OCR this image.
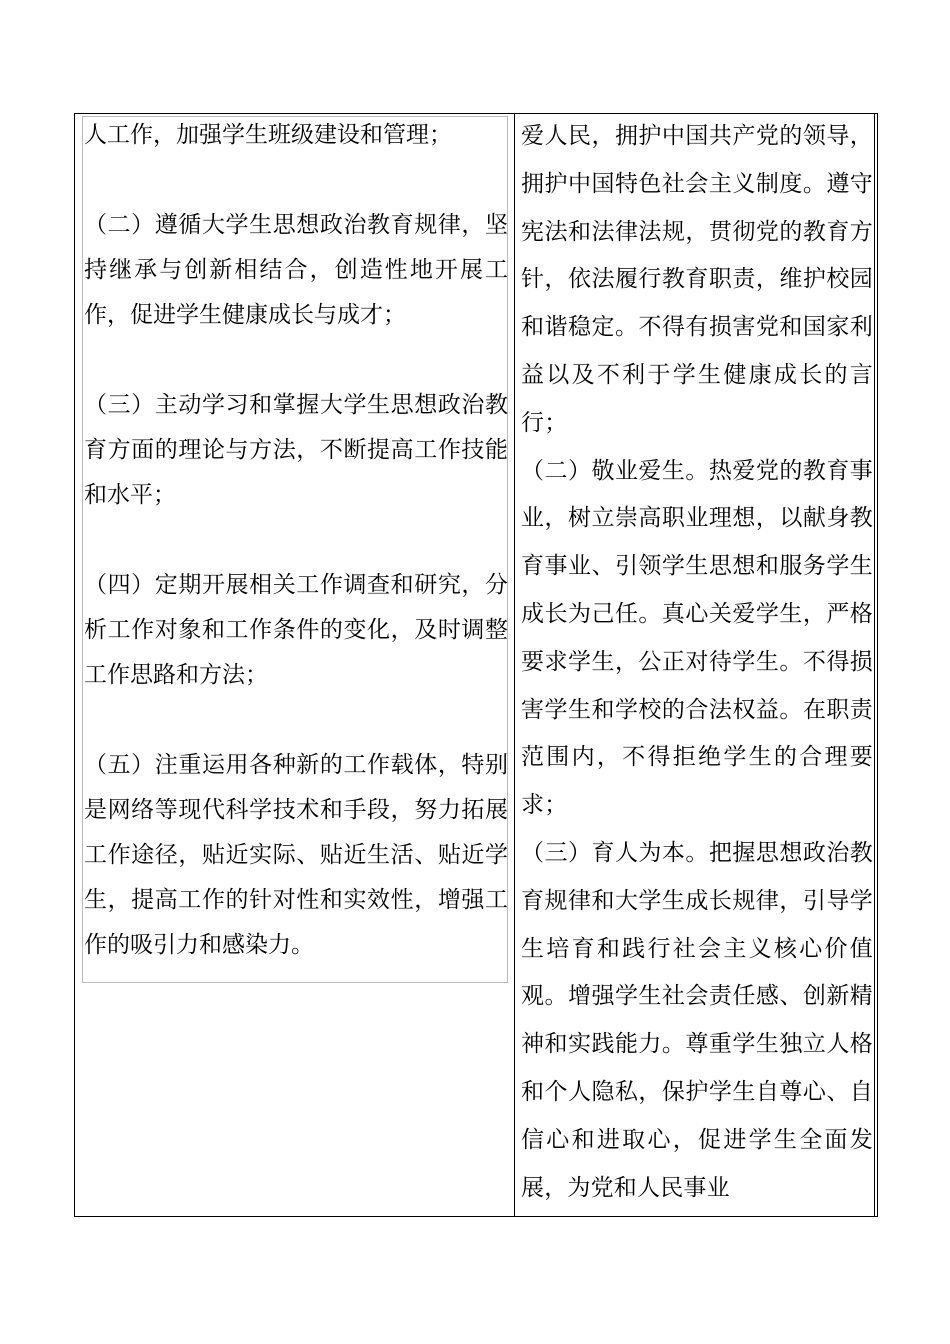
人工作，加强学生班级建设和管理；

（二）遵循大学生思想政治教育规律，坚持继承与创新相结合，创造性地开展工作，促进学生健康成长与成才；

（三）主动学习和掌握大学生思想政治教育方面的理论与方法，不断提高工作技能和水平；

（四）定期开展相关工作调查和研究，分析工作对象和工作条件的变化，及时调整工作思路和方法；

（五）注重运用各种新的工作载体，特别是网络等现代科学技术和手段，努力拓展工作途径，贴近实际、贴近生活、贴近学生，提高工作的针对性和实效性，增强工作的吸引力和感染力。

爱人民，拥护中国共产党的领导，拥护中国特色社会主义制度。遵守宪法和法律法规，贯彻党的教育方针，依法履行教育职责，维护校园和谐稳定。不得有损害党和国家利益以及不利于学生健康成长的言行；

（二）敬业爱生。热爱党的教育事业，树立崇高职业理想，以献身教育事业、引领学生思想和服务学生成长为己任。真心关爱学生，严格要求学生，公正对待学生。不得损害学生和学校的合法权益。在职责范围内，不得拒绝学生的合理要求；

（三）育人为本。把握思想政治教育规律和大学生成长规律，引导学生培育和践行社会主义核心价值观。增强学生社会责任感、创新精神和实践能力。尊重学生独立人格和个人隐私，保护学生自尊心、自信心和进取心，促进学生全面发展，为党和人民事业
